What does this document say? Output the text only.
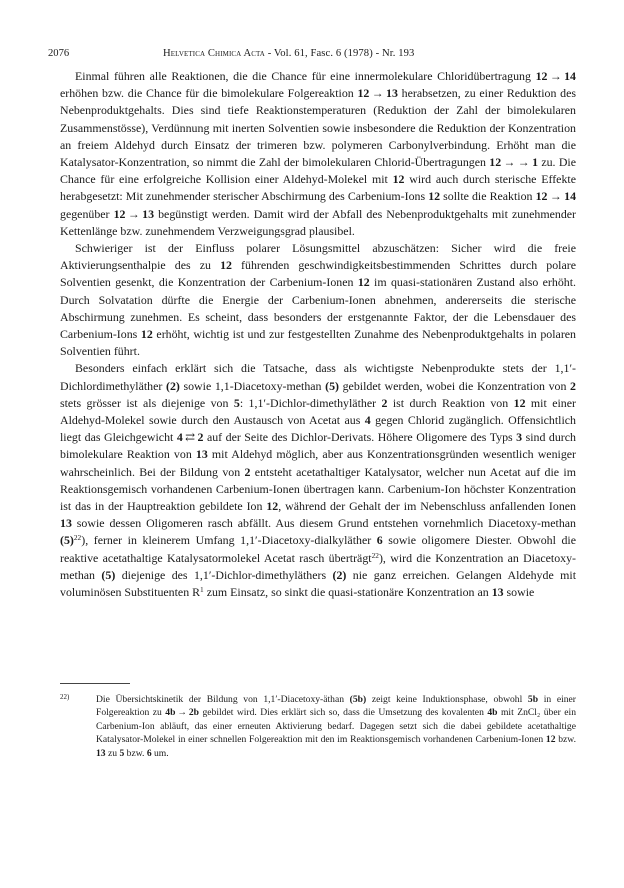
2076	Helvetica Chimica Acta - Vol. 61, Fasc. 6 (1978) - Nr. 193

Einmal führen alle Reaktionen, die die Chance für eine innermolekulare Chloridübertragung 12 → 14 erhöhen bzw. die Chance für die bimolekulare Folgereaktion 12 → 13 herabsetzen, zu einer Reduktion des Nebenproduktgehalts. Dies sind tiefe Reaktionstemperaturen (Reduktion der Zahl der bimolekularen Zusammenstösse), Verdünnung mit inerten Solventien sowie insbesondere die Reduktion der Konzentration an freiem Aldehyd durch Einsatz der trimeren bzw. polymeren Carbonylverbindung. Erhöht man die Katalysator-Konzentration, so nimmt die Zahl der bimolekularen Chlorid-Übertragungen 12 → → 1 zu. Die Chance für eine erfolgreiche Kollision einer Aldehyd-Molekel mit 12 wird auch durch sterische Effekte herabgesetzt: Mit zunehmender sterischer Abschirmung des Carbenium-Ions 12 sollte die Reaktion 12 → 14 gegenüber 12 → 13 begünstigt werden. Damit wird der Abfall des Nebenproduktgehalts mit zunehmender Kettenlänge bzw. zunehmendem Verzweigungsgrad plausibel.

Schwieriger ist der Einfluss polarer Lösungsmittel abzuschätzen: Sicher wird die freie Aktivierungsenthalpie des zu 12 führenden geschwindigkeitsbestimmenden Schrittes durch polare Solventien gesenkt, die Konzentration der Carbenium-Ionen 12 im quasi-stationären Zustand also erhöht. Durch Solvatation dürfte die Energie der Carbenium-Ionen abnehmen, andererseits die sterische Abschirmung zunehmen. Es scheint, dass besonders der erstgenannte Faktor, der die Lebensdauer des Carbenium-Ions 12 erhöht, wichtig ist und zur festgestellten Zunahme des Nebenproduktgehalts in polaren Solventien führt.

Besonders einfach erklärt sich die Tatsache, dass als wichtigste Nebenprodukte stets der 1,1′-Dichlordimethyläther (2) sowie 1,1-Diacetoxy-methan (5) gebildet werden, wobei die Konzentration von 2 stets grösser ist als diejenige von 5: 1,1′-Dichlor-dimethyläther 2 ist durch Reaktion von 12 mit einer Aldehyd-Molekel sowie durch den Austausch von Acetat aus 4 gegen Chlorid zugänglich. Offensichtlich liegt das Gleichgewicht 4 ⇄ 2 auf der Seite des Dichlor-Derivats. Höhere Oligomere des Typs 3 sind durch bimolekulare Reaktion von 13 mit Aldehyd möglich, aber aus Konzentrationsgründen wesentlich weniger wahrscheinlich. Bei der Bildung von 2 entsteht acetathaltiger Katalysator, welcher nun Acetat auf die im Reaktionsgemisch vorhandenen Carbenium-Ionen übertragen kann. Carbenium-Ion höchster Konzentration ist das in der Hauptreaktion gebildete Ion 12, während der Gehalt der im Nebenschluss anfallenden Ionen 13 sowie dessen Oligomeren rasch abfällt. Aus diesem Grund entstehen vornehmlich Diacetoxy-methan $(5)^{22}$), ferner in kleinerem Umfang 1,1′-Diacetoxy-dialkyläther 6 sowie oligomere Diester. Obwohl die reaktive acetathaltige Katalysatormolekel Acetat rasch überträgt$^{22}$), wird die Konzentration an Diacetoxy-methan (5) diejenige des 1,1′-Dichlor-dimethyläthers (2) nie ganz erreichen. Gelangen Aldehyde mit voluminösen Substituenten $R^1$ zum Einsatz, so sinkt die quasi-stationäre Konzentration an 13 sowie

22)	Die Übersichtskinetik der Bildung von 1,1′-Diacetoxy-äthan (5b) zeigt keine Induktionsphase, obwohl 5b in einer Folgereaktion zu 4b → 2b gebildet wird. Dies erklärt sich so, dass die Umsetzung des kovalenten 4b mit ZnCl₂ über ein Carbenium-Ion abläuft, das einer erneuten Aktivierung bedarf. Dagegen setzt sich die dabei gebildete acetathaltige Katalysator-Molekel in einer schnellen Folgereaktion mit den im Reaktionsgemisch vorhandenen Carbenium-Ionen 12 bzw. 13 zu 5 bzw. 6 um.
